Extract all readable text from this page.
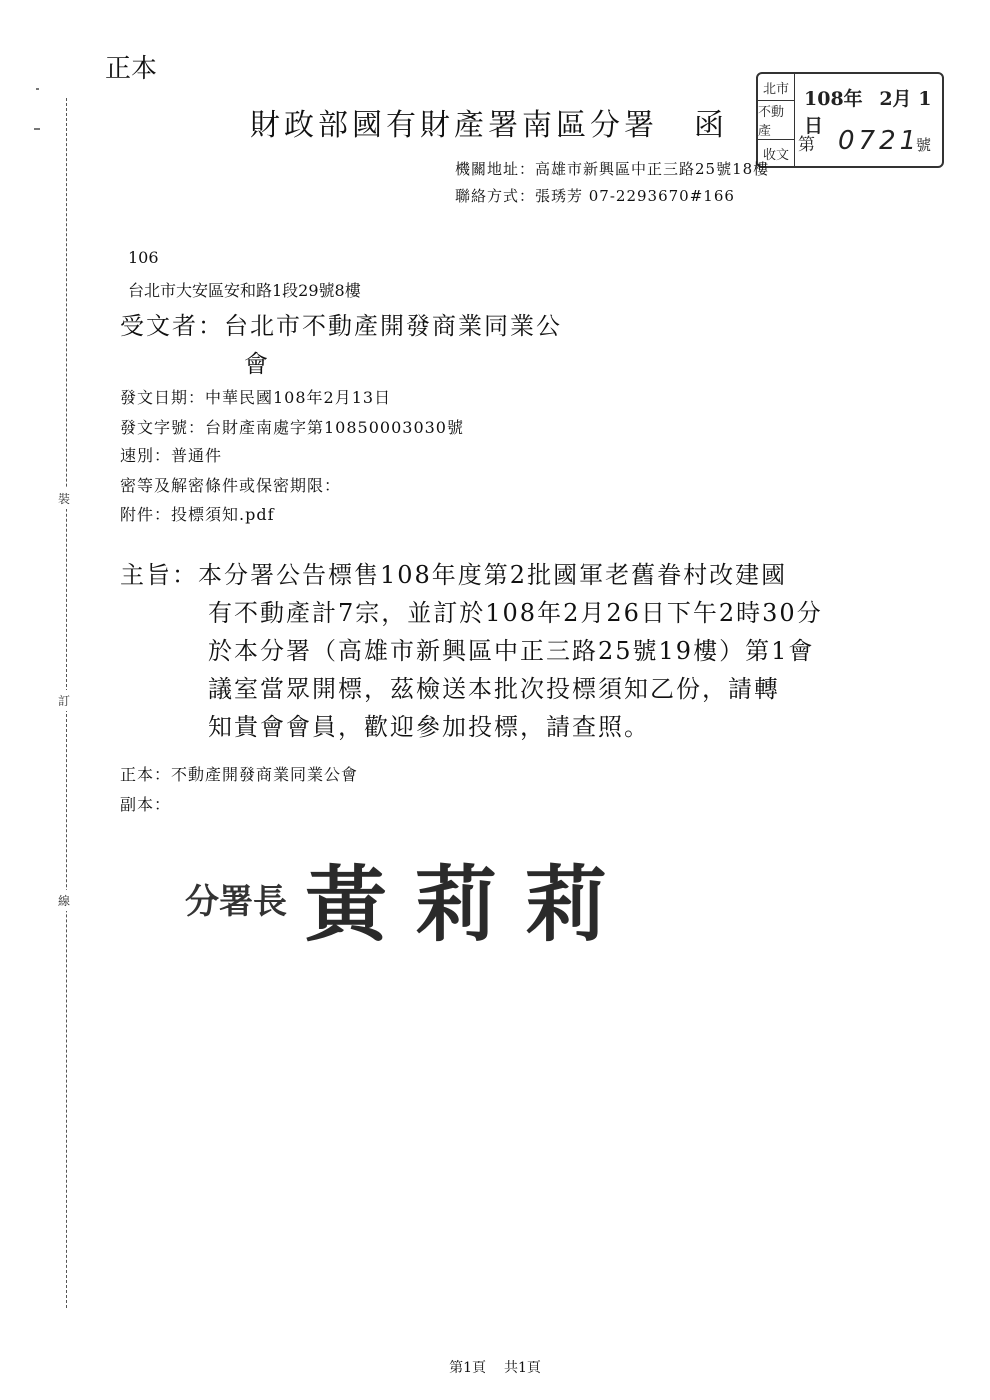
裝
訂
線
正本
財政部國有財產署南區分署 函
北市
不動產
收文
108年 2月 1日
第 0721
號
機關地址：高雄市新興區中正三路25號18樓
聯絡方式：張琇芳 07-2293670#166
106
台北市大安區安和路1段29號8樓
受文者：台北市不動產開發商業同業公
會
發文日期：中華民國108年2月13日
發文字號：台財產南處字第10850003030號
速別：普通件
密等及解密條件或保密期限：
附件：投標須知.pdf
主旨：本分署公告標售108年度第2批國軍老舊眷村改建國
有不動產計7宗，並訂於108年2月26日下午2時30分
於本分署（高雄市新興區中正三路25號19樓）第1會
議室當眾開標，茲檢送本批次投標須知乙份，請轉
知貴會會員，歡迎參加投標，請查照。
正本：不動產開發商業同業公會
副本：
分署長 黃莉莉
第1頁 共1頁
